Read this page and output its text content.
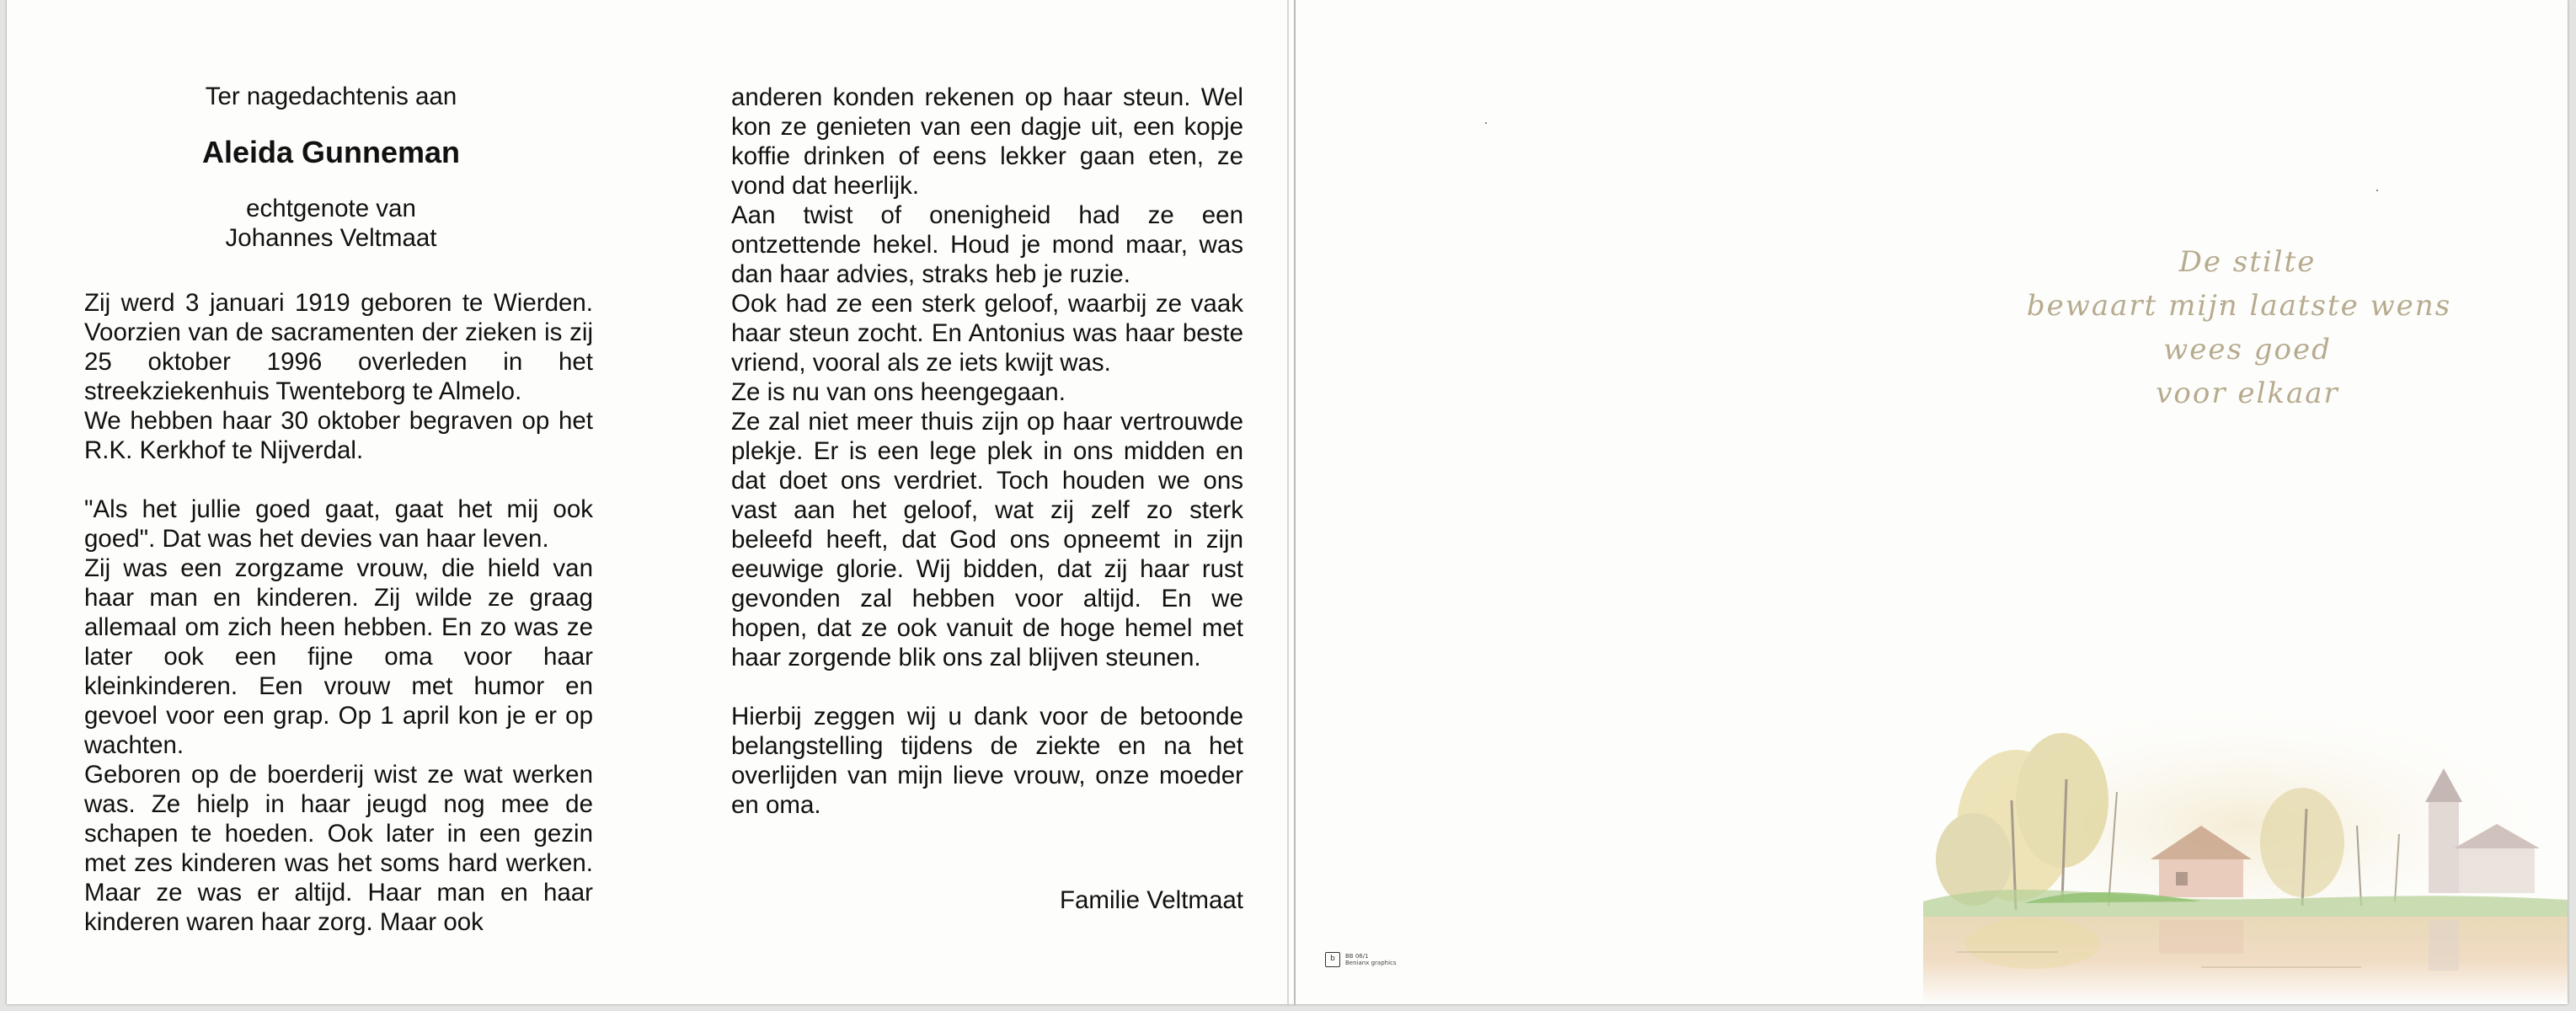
Ter nagedachtenis aan
Aleida Gunneman
echtgenote van
Johannes Veltmaat

Zij werd 3 januari 1919 geboren te Wierden. Voorzien van de sacramenten der zieken is zij 25 oktober 1996 overleden in het streekziekenhuis Twenteborg te Almelo.

We hebben haar 30 oktober begraven op het R.K. Kerkhof te Nijverdal.

"Als het jullie goed gaat, gaat het mij ook goed". Dat was het devies van haar leven.

Zij was een zorgzame vrouw, die hield van haar man en kinderen. Zij wilde ze graag allemaal om zich heen hebben. En zo was ze later ook een fijne oma voor haar kleinkinderen. Een vrouw met humor en gevoel voor een grap. Op 1 april kon je er op wachten.

Geboren op de boerderij wist ze wat werken was. Ze hielp in haar jeugd nog mee de schapen te hoeden. Ook later in een gezin met zes kinderen was het soms hard werken. Maar ze was er altijd. Haar man en haar kinderen waren haar zorg. Maar ook

anderen konden rekenen op haar steun. Wel kon ze genieten van een dagje uit, een kopje koffie drinken of eens lekker gaan eten, ze vond dat heerlijk.

Aan twist of onenigheid had ze een ontzettende hekel. Houd je mond maar, was dan haar advies, straks heb je ruzie.

Ook had ze een sterk geloof, waarbij ze vaak haar steun zocht. En Antonius was haar beste vriend, vooral als ze iets kwijt was.

Ze is nu van ons heengegaan.

Ze zal niet meer thuis zijn op haar vertrouwde plekje. Er is een lege plek in ons midden en dat doet ons verdriet. Toch houden we ons vast aan het geloof, wat zij zelf zo sterk beleefd heeft, dat God ons opneemt in zijn eeuwige glorie. Wij bidden, dat zij haar rust gevonden zal hebben voor altijd. En we hopen, dat ze ook vanuit de hoge hemel met haar zorgende blik ons zal blijven steunen.

Hierbij zeggen wij u dank voor de betoonde belangstelling tijdens de ziekte en na het overlijden van mijn lieve vrouw, onze moeder en oma.

Familie Veltmaat
De stilte
bewaart mijn laatste wens
wees goed
voor elkaar
b	BB 06/1
Benianx graphics
